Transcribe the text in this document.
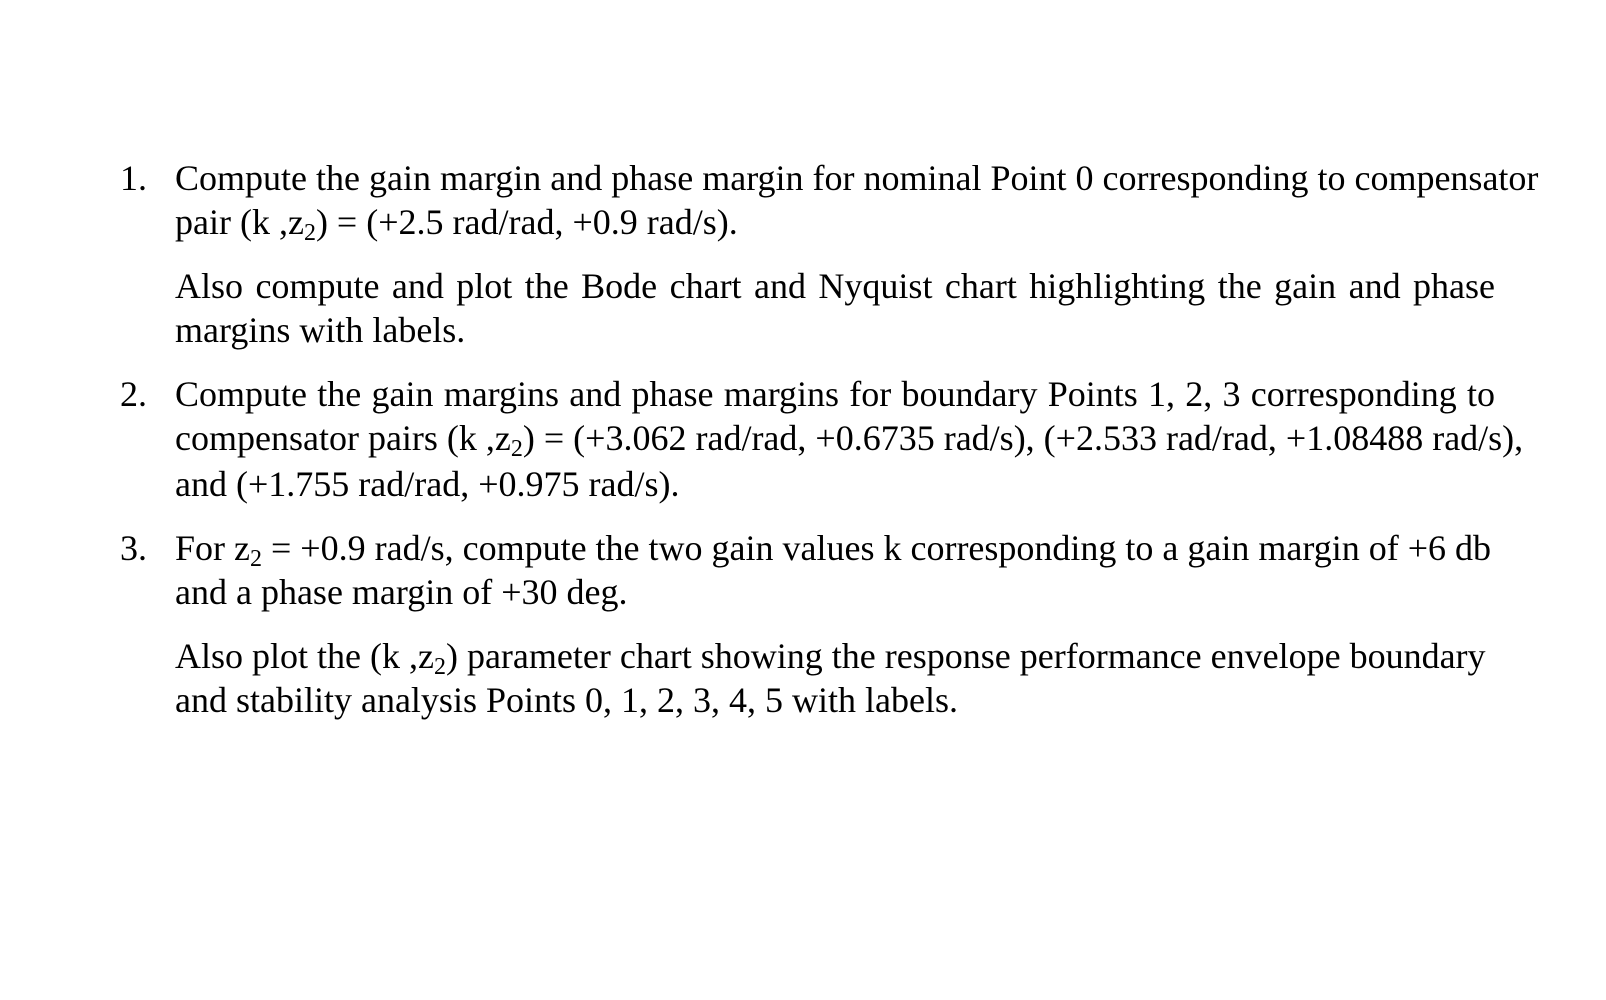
1. Compute the gain margin and phase margin for nominal Point 0 corresponding to compensator
pair (k $,z_2) = (+2.5$ rad/rad, +0.9 rad/s).
Also compute and plot the Bode chart and Nyquist chart highlighting the gain and phase
margins with labels.
2. Compute the gain margins and phase margins for boundary Points 1, 2, 3 corresponding to
compensator pairs (k $,z_2) = (+3.062$ rad/rad, +0.6735 rad/s), (+2.533 rad/rad, +1.08488 rad/s),
and (+1.755 rad/rad, +0.975 rad/s).
3. For $z_2 = +0.9$ rad/s, compute the two gain values k corresponding to a gain margin of +6 db
and a phase margin of +30 deg.
Also plot the (k $,z_2$) parameter chart showing the response performance envelope boundary
and stability analysis Points 0, 1, 2, 3, 4, 5 with labels.
